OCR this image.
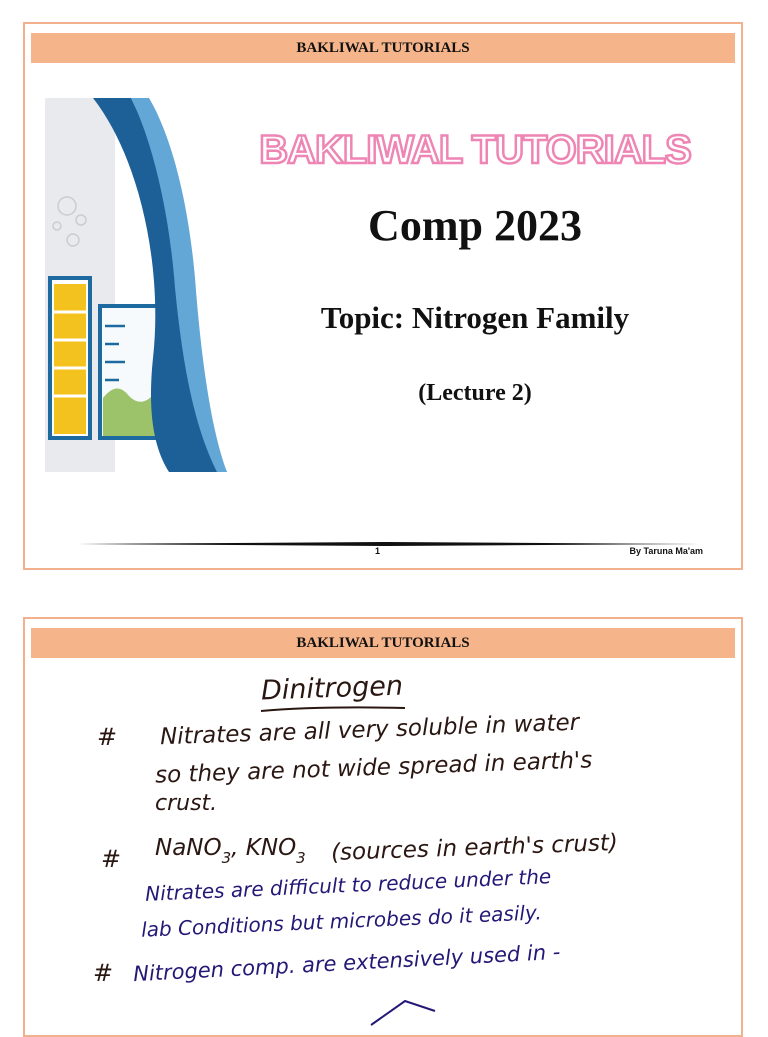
BAKLIWAL TUTORIALS
BAKLIWAL TUTORIALS
Comp 2023
Topic: Nitrogen Family
(Lecture 2)
1	By Taruna Ma'am
BAKLIWAL TUTORIALS
Dinitrogen
# Nitrates are all very soluble in water
so they are not wide spread in earth's
crust.
# NaNO$_3$, $KNO_3$ (sources in earth's crust)
Nitrates are difficult to reduce under the
lab Conditions but microbes do it easily.
# Nitrogen comp. are extensively used in -
